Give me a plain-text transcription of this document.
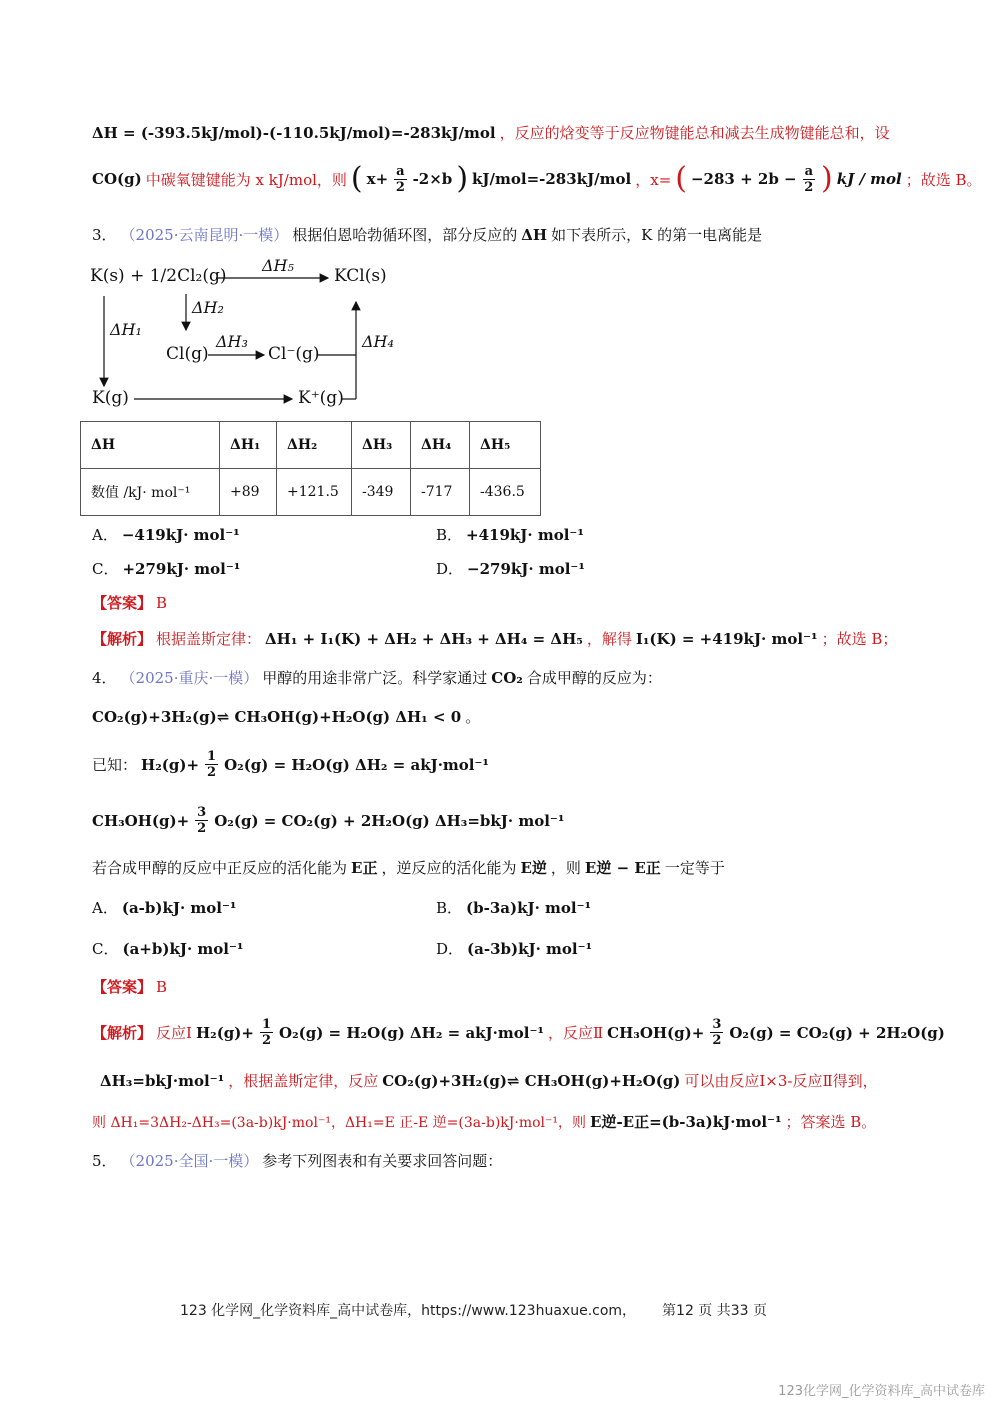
ΔH = (-393.5kJ/mol)-(-110.5kJ/mol)=-283kJ/mol ，反应的焓变等于反应物键能总和减去生成物键能总和，设
CO(g) 中碳氧键键能为 x kJ/mol，则 ( $x+ \frac{a}{2} -2\times b$ ) kJ/mol=-283kJ/mol ，x= ( $-283 + 2b - \frac{a}{2}$ ) kJ / mol ；故选 B。
3． （2025·云南昆明·一模） 根据伯恩哈勃循环图，部分反应的 ΔH 如下表所示，K 的第一电离能是
K(s) + 1/2Cl₂(g)	KCl(s)
ΔH₅
ΔH₂
ΔH₁
Cl(g)
ΔH₃
Cl⁻(g)
ΔH₄
K(g)	K⁺(g)
ΔH	ΔH₁	ΔH₂	ΔH₃	ΔH₄	ΔH₅
数值 /kJ· mol⁻¹	+89	+121.5	-349	-717	-436.5
A． −419kJ· mol⁻¹	B． +419kJ· mol⁻¹
C． +279kJ· mol⁻¹	D． −279kJ· mol⁻¹
【答案】 B
【解析】 根据盖斯定律： ΔH₁ + I₁(K) + ΔH₂ + ΔH₃ + ΔH₄ = ΔH₅ ，解得 I₁(K) = +419kJ· mol⁻¹ ；故选 B；
4． （2025·重庆·一模） 甲醇的用途非常广泛。科学家通过 CO₂ 合成甲醇的反应为：
CO₂(g)+3H₂(g)⇌ CH₃OH(g)+H₂O(g) ΔH₁ < 0 。
已知： $H_2(g)+ \frac{1}{2} O_2(g) = H_2O(g) \Delta H_2 = akJ\cdot mol^{-1}$
$CH_3OH(g)+ \frac{3}{2} O_2(g) = CO_2(g) + 2H_2O(g)$ ΔH₃=bkJ· mol⁻¹
若合成甲醇的反应中正反应的活化能为 E正 ，逆反应的活化能为 E逆 ，则 E逆 − E正 一定等于
A． (a-b)kJ· mol⁻¹	B． (b-3a)kJ· mol⁻¹
C． (a+b)kJ· mol⁻¹	D． (a-3b)kJ· mol⁻¹
【答案】 B
【解析】 反应Ⅰ $H_2(g)+ \frac{1}{2} O_2(g) = H_2O(g) \Delta H_2 = akJ\cdot mol^{-1}$ ，反应Ⅱ $CH_3OH(g)+ \frac{3}{2} O_2(g) = CO_2(g) + 2H_2O(g)$
ΔH₃=bkJ·mol⁻¹ ，根据盖斯定律，反应 CO₂(g)+3H₂(g)⇌ CH₃OH(g)+H₂O(g) 可以由反应Ⅰ×3-反应Ⅱ得到，
则 ΔH₁=3ΔH₂-ΔH₃=(3a-b)kJ·mol⁻¹，ΔH₁=E 正-E 逆=(3a-b)kJ·mol⁻¹，则 E逆-E正=(b-3a)kJ·mol⁻¹ ；答案选 B。
5． （2025·全国·一模） 参考下列图表和有关要求回答问题：
123 化学网_化学资料库_高中试卷库，https://www.123huaxue.com， 第12 页 共33 页
123化学网_化学资料库_高中试卷库
